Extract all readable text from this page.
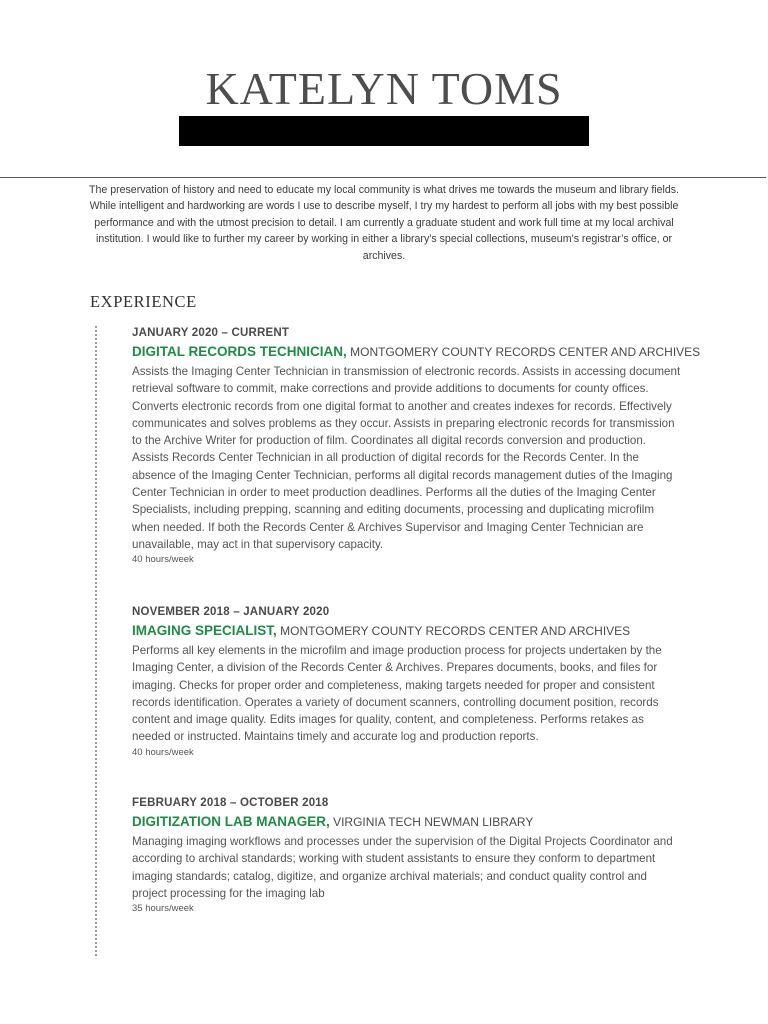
KATELYN TOMS

The preservation of history and need to educate my local community is what drives me towards the museum and library fields. While intelligent and hardworking are words I use to describe myself, I try my hardest to perform all jobs with my best possible performance and with the utmost precision to detail. I am currently a graduate student and work full time at my local archival institution. I would like to further my career by working in either a library’s special collections, museum’s registrar’s office, or archives.

EXPERIENCE
JANUARY 2020 – CURRENT
DIGITAL RECORDS TECHNICIAN, MONTGOMERY COUNTY RECORDS CENTER AND ARCHIVES
Assists the Imaging Center Technician in transmission of electronic records. Assists in accessing document retrieval software to commit, make corrections and provide additions to documents for county offices. Converts electronic records from one digital format to another and creates indexes for records. Effectively communicates and solves problems as they occur. Assists in preparing electronic records for transmission to the Archive Writer for production of film. Coordinates all digital records conversion and production. Assists Records Center Technician in all production of digital records for the Records Center. In the absence of the Imaging Center Technician, performs all digital records management duties of the Imaging Center Technician in order to meet production deadlines. Performs all the duties of the Imaging Center Specialists, including prepping, scanning and editing documents, processing and duplicating microfilm when needed. If both the Records Center & Archives Supervisor and Imaging Center Technician are unavailable, may act in that supervisory capacity.
40 hours/week
NOVEMBER 2018 – JANUARY 2020
IMAGING SPECIALIST, MONTGOMERY COUNTY RECORDS CENTER AND ARCHIVES
Performs all key elements in the microfilm and image production process for projects undertaken by the Imaging Center, a division of the Records Center & Archives. Prepares documents, books, and files for imaging. Checks for proper order and completeness, making targets needed for proper and consistent records identification. Operates a variety of document scanners, controlling document position, records content and image quality. Edits images for quality, content, and completeness. Performs retakes as needed or instructed. Maintains timely and accurate log and production reports.
40 hours/week
FEBRUARY 2018 – OCTOBER 2018
DIGITIZATION LAB MANAGER, VIRGINIA TECH NEWMAN LIBRARY
Managing imaging workflows and processes under the supervision of the Digital Projects Coordinator and according to archival standards; working with student assistants to ensure they conform to department imaging standards; catalog, digitize, and organize archival materials; and conduct quality control and project processing for the imaging lab
35 hours/week
